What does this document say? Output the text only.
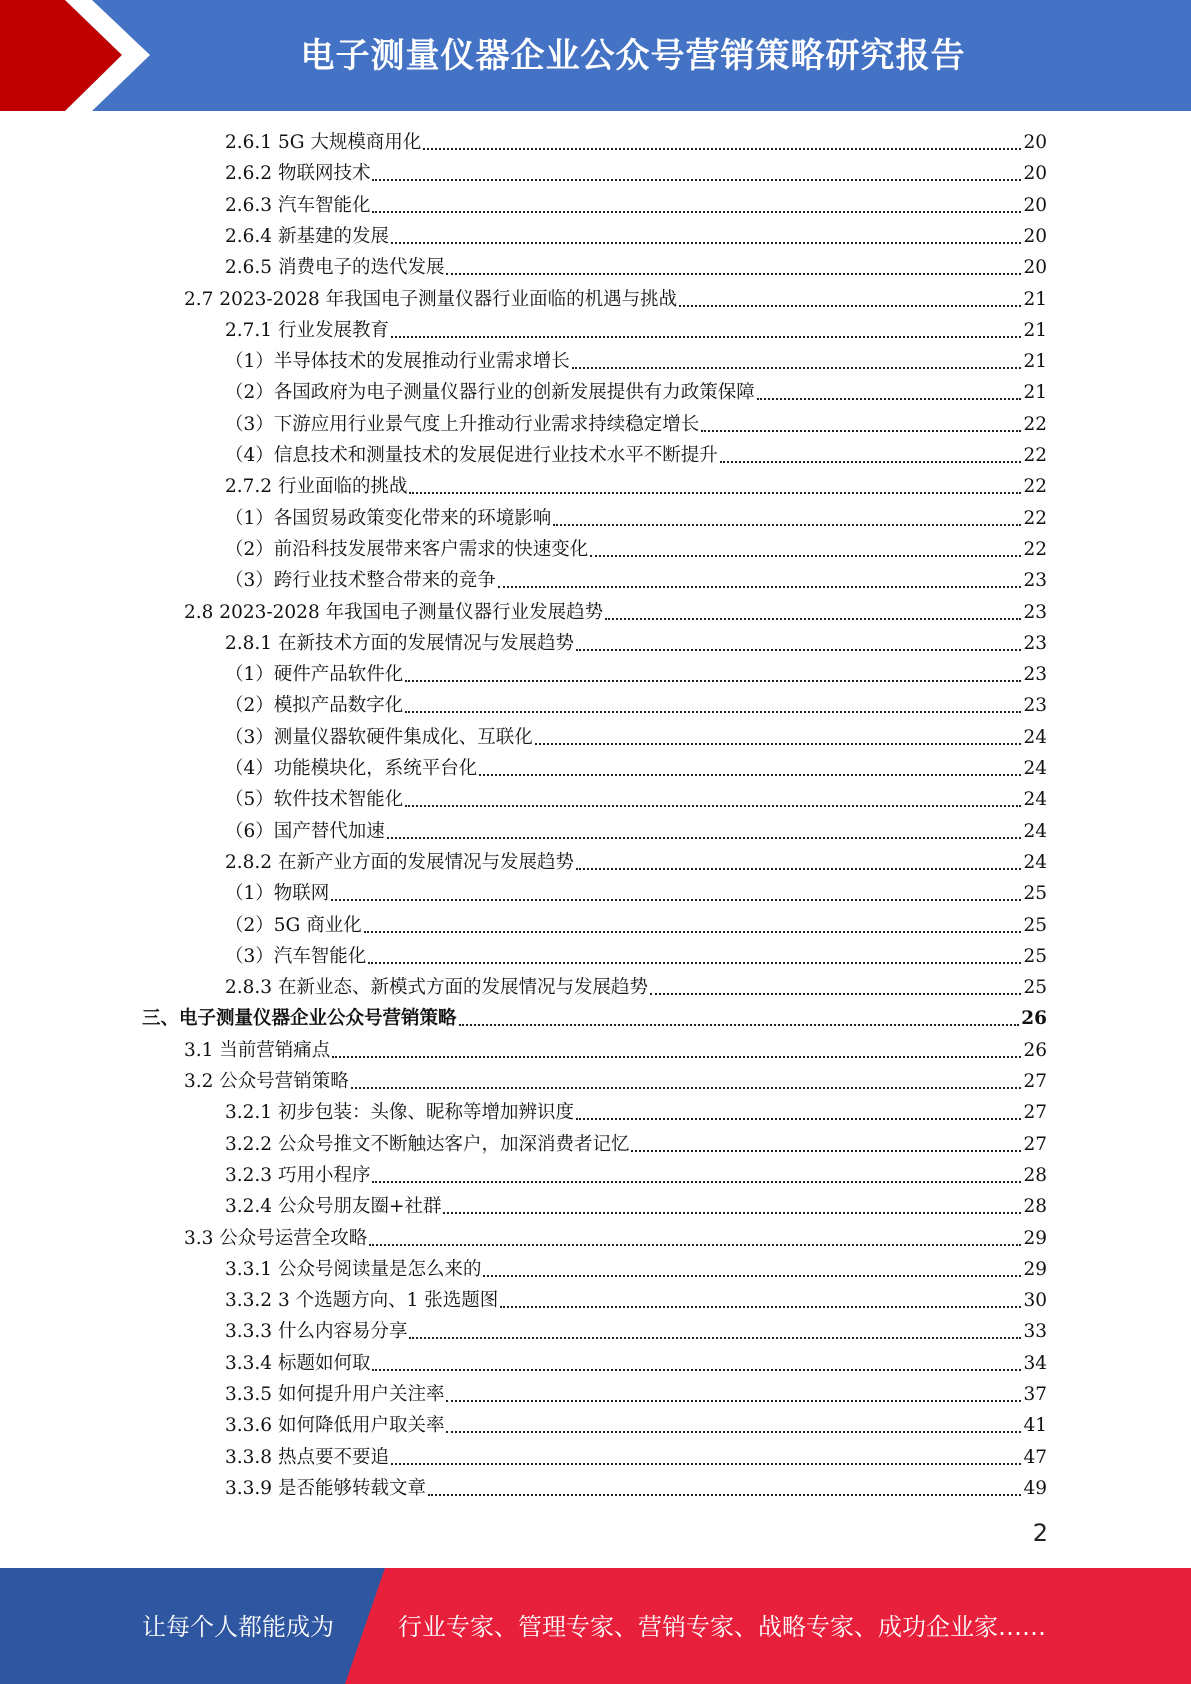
电子测量仪器企业公众号营销策略研究报告
2.6.1 5G 大规模商用化	20
2.6.2 物联网技术	20
2.6.3 汽车智能化	20
2.6.4 新基建的发展	20
2.6.5 消费电子的迭代发展	20
2.7 2023-2028 年我国电子测量仪器行业面临的机遇与挑战	21
2.7.1 行业发展教育	21
（1）半导体技术的发展推动行业需求增长	21
（2）各国政府为电子测量仪器行业的创新发展提供有力政策保障	21
（3）下游应用行业景气度上升推动行业需求持续稳定增长	22
（4）信息技术和测量技术的发展促进行业技术水平不断提升	22
2.7.2 行业面临的挑战	22
（1）各国贸易政策变化带来的环境影响	22
（2）前沿科技发展带来客户需求的快速变化	22
（3）跨行业技术整合带来的竞争	23
2.8 2023-2028 年我国电子测量仪器行业发展趋势	23
2.8.1 在新技术方面的发展情况与发展趋势	23
（1）硬件产品软件化	23
（2）模拟产品数字化	23
（3）测量仪器软硬件集成化、互联化	24
（4）功能模块化，系统平台化	24
（5）软件技术智能化	24
（6）国产替代加速	24
2.8.2 在新产业方面的发展情况与发展趋势	24
（1）物联网	25
（2）5G 商业化	25
（3）汽车智能化	25
2.8.3 在新业态、新模式方面的发展情况与发展趋势	25
三、电子测量仪器企业公众号营销策略	26
3.1 当前营销痛点	26
3.2 公众号营销策略	27
3.2.1 初步包装：头像、昵称等增加辨识度	27
3.2.2 公众号推文不断触达客户，加深消费者记忆	27
3.2.3 巧用小程序	28
3.2.4 公众号朋友圈+社群	28
3.3 公众号运营全攻略	29
3.3.1 公众号阅读量是怎么来的	29
3.3.2 3 个选题方向、1 张选题图	30
3.3.3 什么内容易分享	33
3.3.4 标题如何取	34
3.3.5 如何提升用户关注率	37
3.3.6 如何降低用户取关率	41
3.3.8 热点要不要追	47
3.3.9 是否能够转载文章	49
2
让每个人都能成为	行业专家、管理专家、营销专家、战略专家、成功企业家……
